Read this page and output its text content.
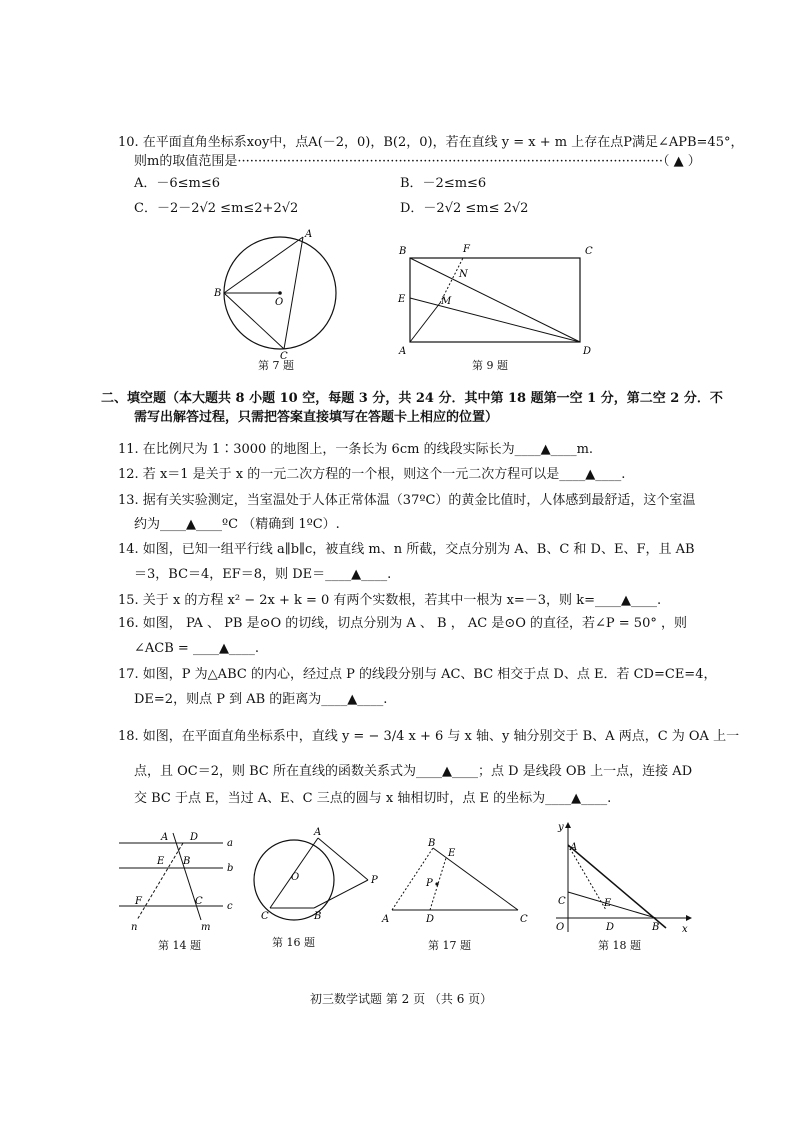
10. 在平面直角坐标系xoy中，点A(－2，0)，B(2，0)，若在直线 y = x + m 上存在点P满足∠APB=45°，
则m的取值范围是·······································································································（ ▲ ）
A．－6≤m≤6	B．－2≤m≤6
C．－2－2√2 ≤m≤2+2√2	D．－2√2 ≤m≤ 2√2
A
B
O
C
第 7 题
B	F	C
N
E	M
A	D
第 9 题
二、填空题（本大题共 8 小题 10 空，每题 3 分，共 24 分．其中第 18 题第一空 1 分，第二空 2 分．不
需写出解答过程，只需把答案直接填写在答题卡上相应的位置）
11. 在比例尺为 1∶3000 的地图上，一条长为 6cm 的线段实际长为____▲____m.
12. 若 x＝1 是关于 x 的一元二次方程的一个根，则这个一元二次方程可以是____▲____.
13. 据有关实验测定，当室温处于人体正常体温（37ºC）的黄金比值时，人体感到最舒适，这个室温
约为____▲____ºC （精确到 1ºC）.
14. 如图，已知一组平行线 a∥b∥c，被直线 m、n 所截，交点分别为 A、B、C 和 D、E、F，且 AB
＝3，BC＝4，EF＝8，则 DE＝____▲____.
15. 关于 x 的方程 x² − 2x + k = 0 有两个实数根，若其中一根为 x=－3，则 k=____▲____.
16. 如图， PA 、 PB 是⊙O 的切线，切点分别为 A 、 B ， AC 是⊙O 的直径，若∠P = 50° ，则
∠ACB = ____▲____.
17. 如图，P 为△ABC 的内心，经过点 P 的线段分别与 AC、BC 相交于点 D、点 E．若 CD=CE=4，
DE=2，则点 P 到 AB 的距离为____▲____.
18. 如图，在平面直角坐标系中，直线 y = − 3/4 x + 6 与 x 轴、y 轴分别交于 B、A 两点，C 为 OA 上一
点，且 OC＝2，则 BC 所在直线的函数关系式为____▲____；点 D 是线段 OB 上一点，连接 AD
交 BC 于点 E，当过 A、E、C 三点的圆与 x 轴相切时，点 E 的坐标为____▲____.
A D
a
E B
b
F	C c
n	m
第 14 题
A
O	P
C	B
第 16 题
B
E
P
A	D	C
第 17 题
y
A
C	E
O	D	B x
第 18 题
初三数学试题 第 2 页 （共 6 页）
